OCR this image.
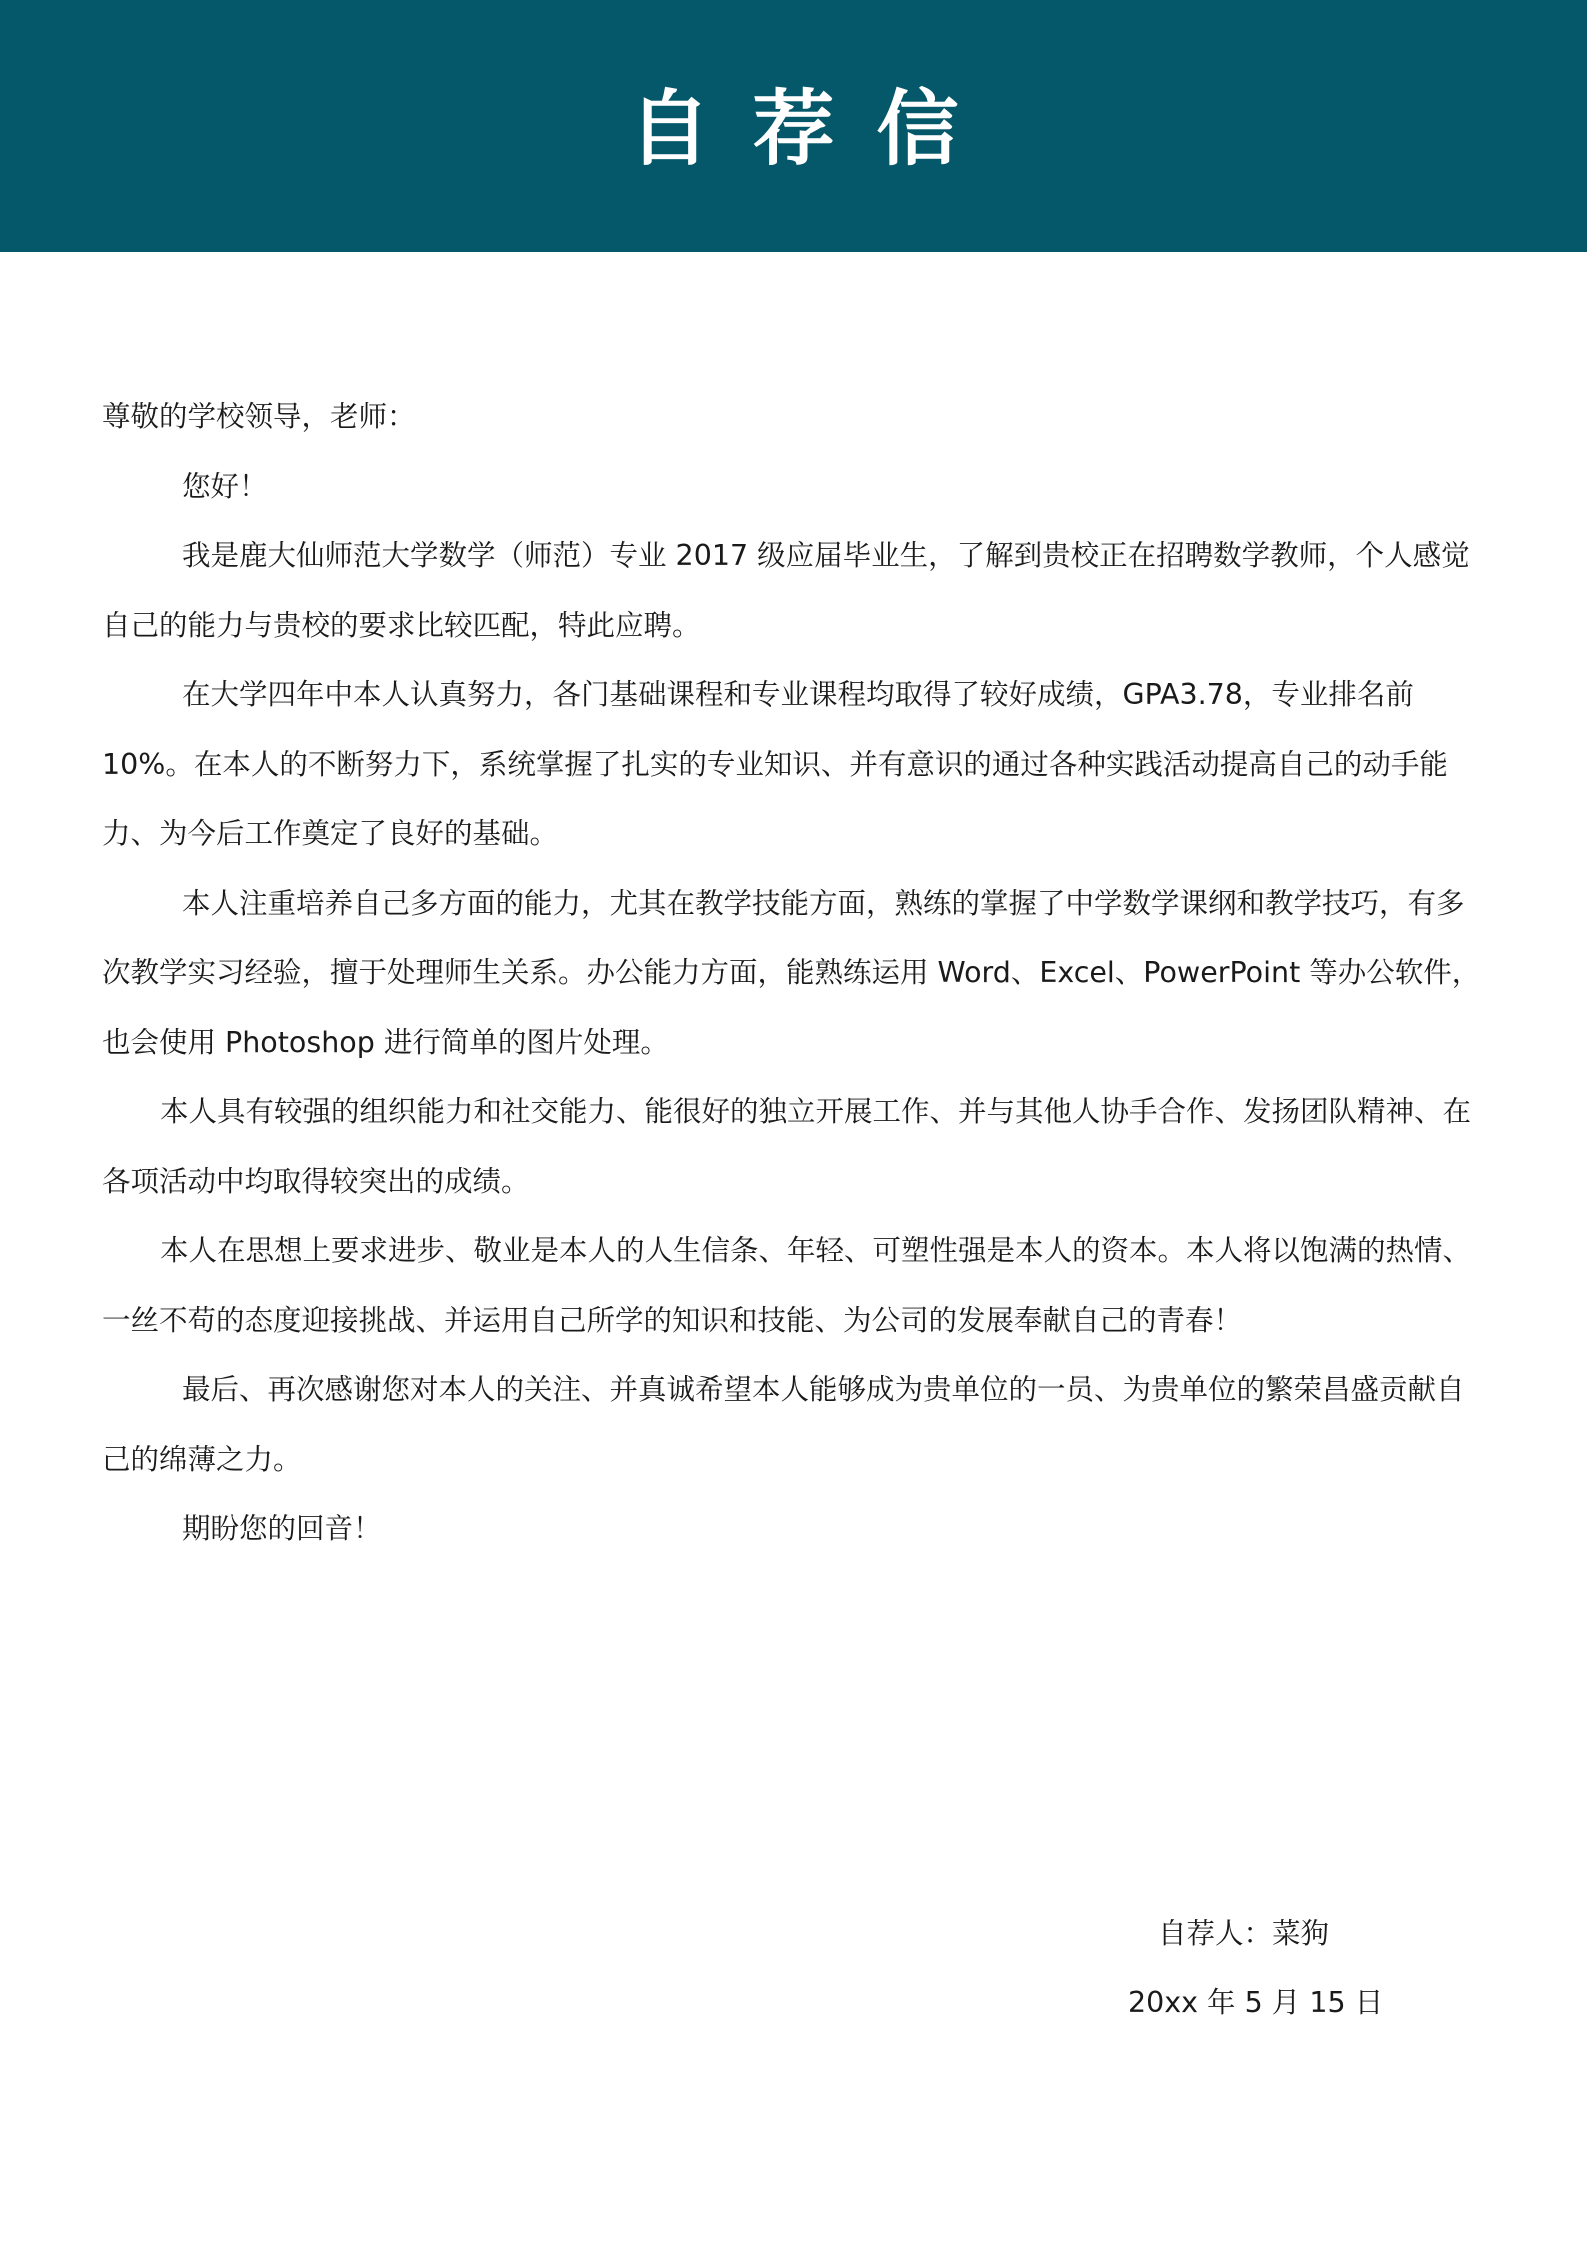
自荐信

尊敬的学校领导，老师：

您好！

我是鹿大仙师范大学数学（师范）专业 2017 级应届毕业生，了解到贵校正在招聘数学教师，个人感觉自己的能力与贵校的要求比较匹配，特此应聘。

在大学四年中本人认真努力，各门基础课程和专业课程均取得了较好成绩，GPA3.78，专业排名前 10%。在本人的不断努力下，系统掌握了扎实的专业知识、并有意识的通过各种实践活动提高自己的动手能力、为今后工作奠定了良好的基础。

本人注重培养自己多方面的能力，尤其在教学技能方面，熟练的掌握了中学数学课纲和教学技巧，有多次教学实习经验，擅于处理师生关系。办公能力方面，能熟练运用 Word、Excel、PowerPoint 等办公软件，也会使用 Photoshop 进行简单的图片处理。

本人具有较强的组织能力和社交能力、能很好的独立开展工作、并与其他人协手合作、发扬团队精神、在各项活动中均取得较突出的成绩。

本人在思想上要求进步、敬业是本人的人生信条、年轻、可塑性强是本人的资本。本人将以饱满的热情、一丝不苟的态度迎接挑战、并运用自己所学的知识和技能、为公司的发展奉献自己的青春！

最后、再次感谢您对本人的关注、并真诚希望本人能够成为贵单位的一员、为贵单位的繁荣昌盛贡献自己的绵薄之力。

期盼您的回音！

自荐人：菜狗
20xx 年 5 月 15 日
